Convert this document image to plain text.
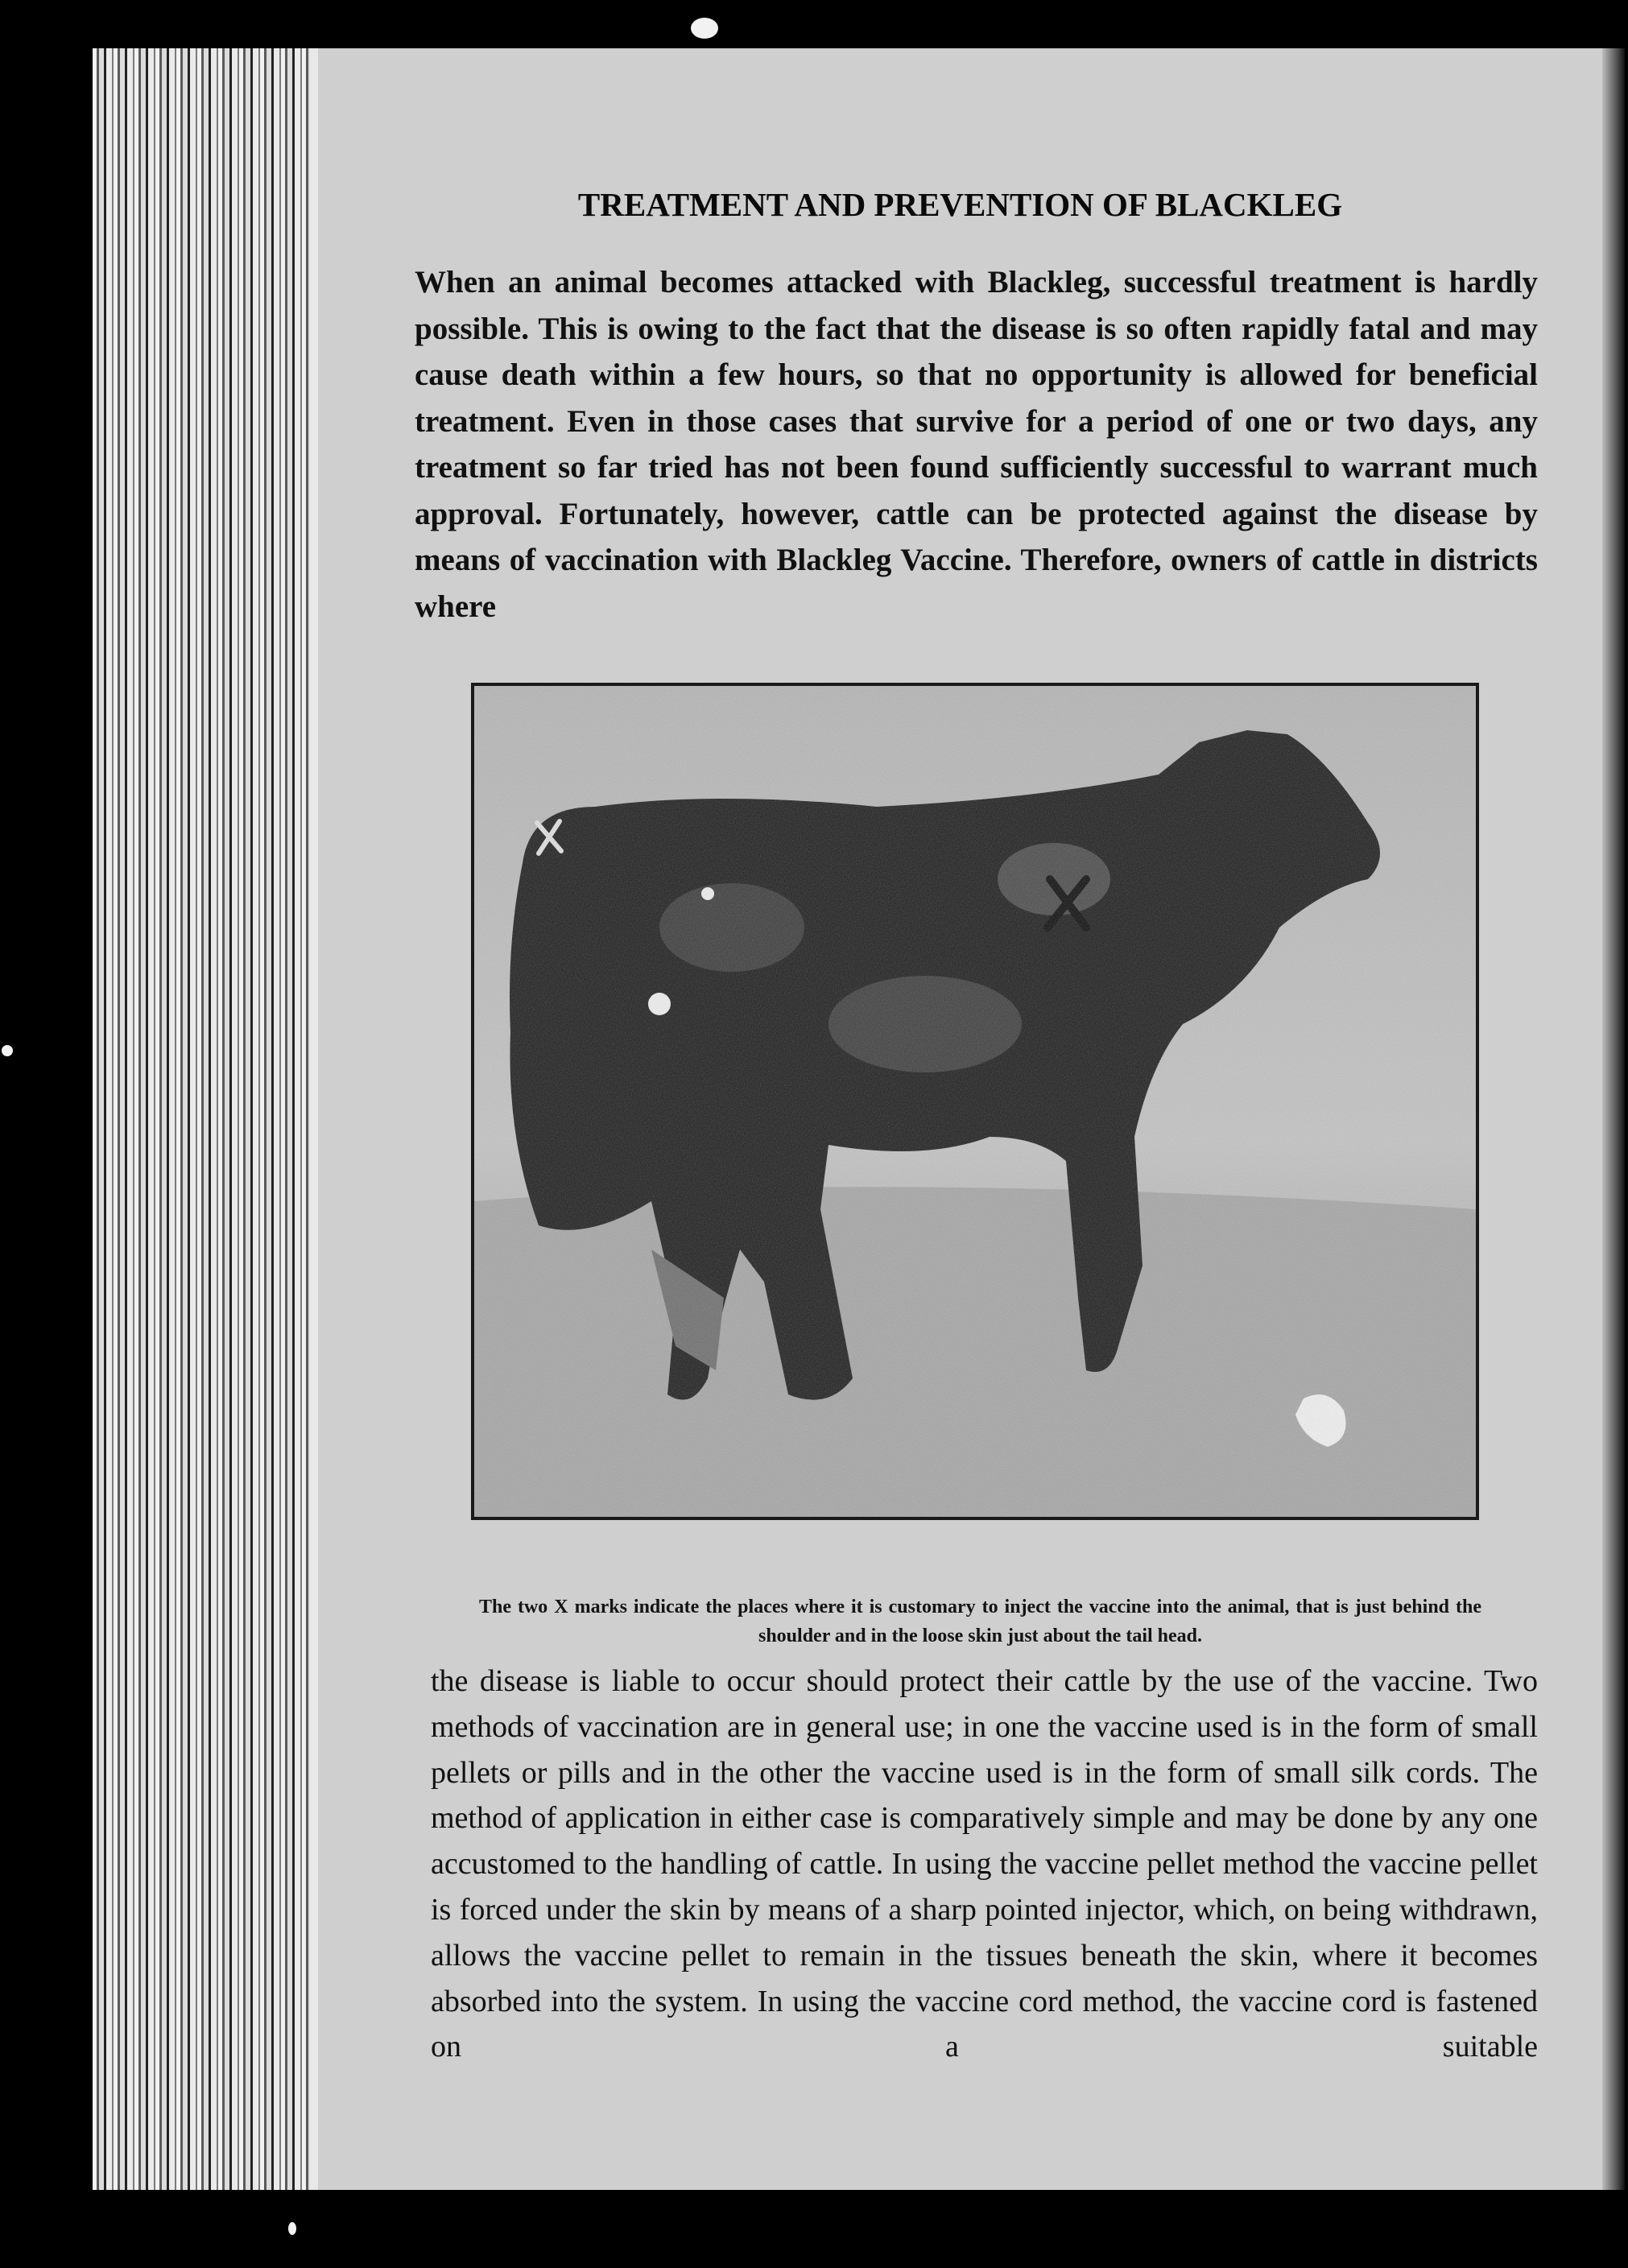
TREATMENT AND PREVENTION OF BLACKLEG

When an animal becomes attacked with Blackleg, successful treatment is hardly possible. This is owing to the fact that the disease is so often rapidly fatal and may cause death within a few hours, so that no opportunity is allowed for beneficial treatment. Even in those cases that survive for a period of one or two days, any treatment so far tried has not been found sufficiently successful to warrant much approval. Fortunately, however, cattle can be protected against the disease by means of vaccination with Blackleg Vaccine. Therefore, owners of cattle in districts where

The two X marks indicate the places where it is customary to inject the vaccine into the animal, that is just behind the shoulder and in the loose skin just about the tail head.

the disease is liable to occur should protect their cattle by the use of the vaccine. Two methods of vaccination are in general use; in one the vaccine used is in the form of small pellets or pills and in the other the vaccine used is in the form of small silk cords. The method of application in either case is comparatively simple and may be done by any one accustomed to the handling of cattle. In using the vaccine pellet method the vaccine pellet is forced under the skin by means of a sharp pointed injector, which, on being withdrawn, allows the vaccine pellet to remain in the tissues beneath the skin, where it becomes absorbed into the system. In using the vaccine cord method, the vaccine cord is fastened on a suitable
